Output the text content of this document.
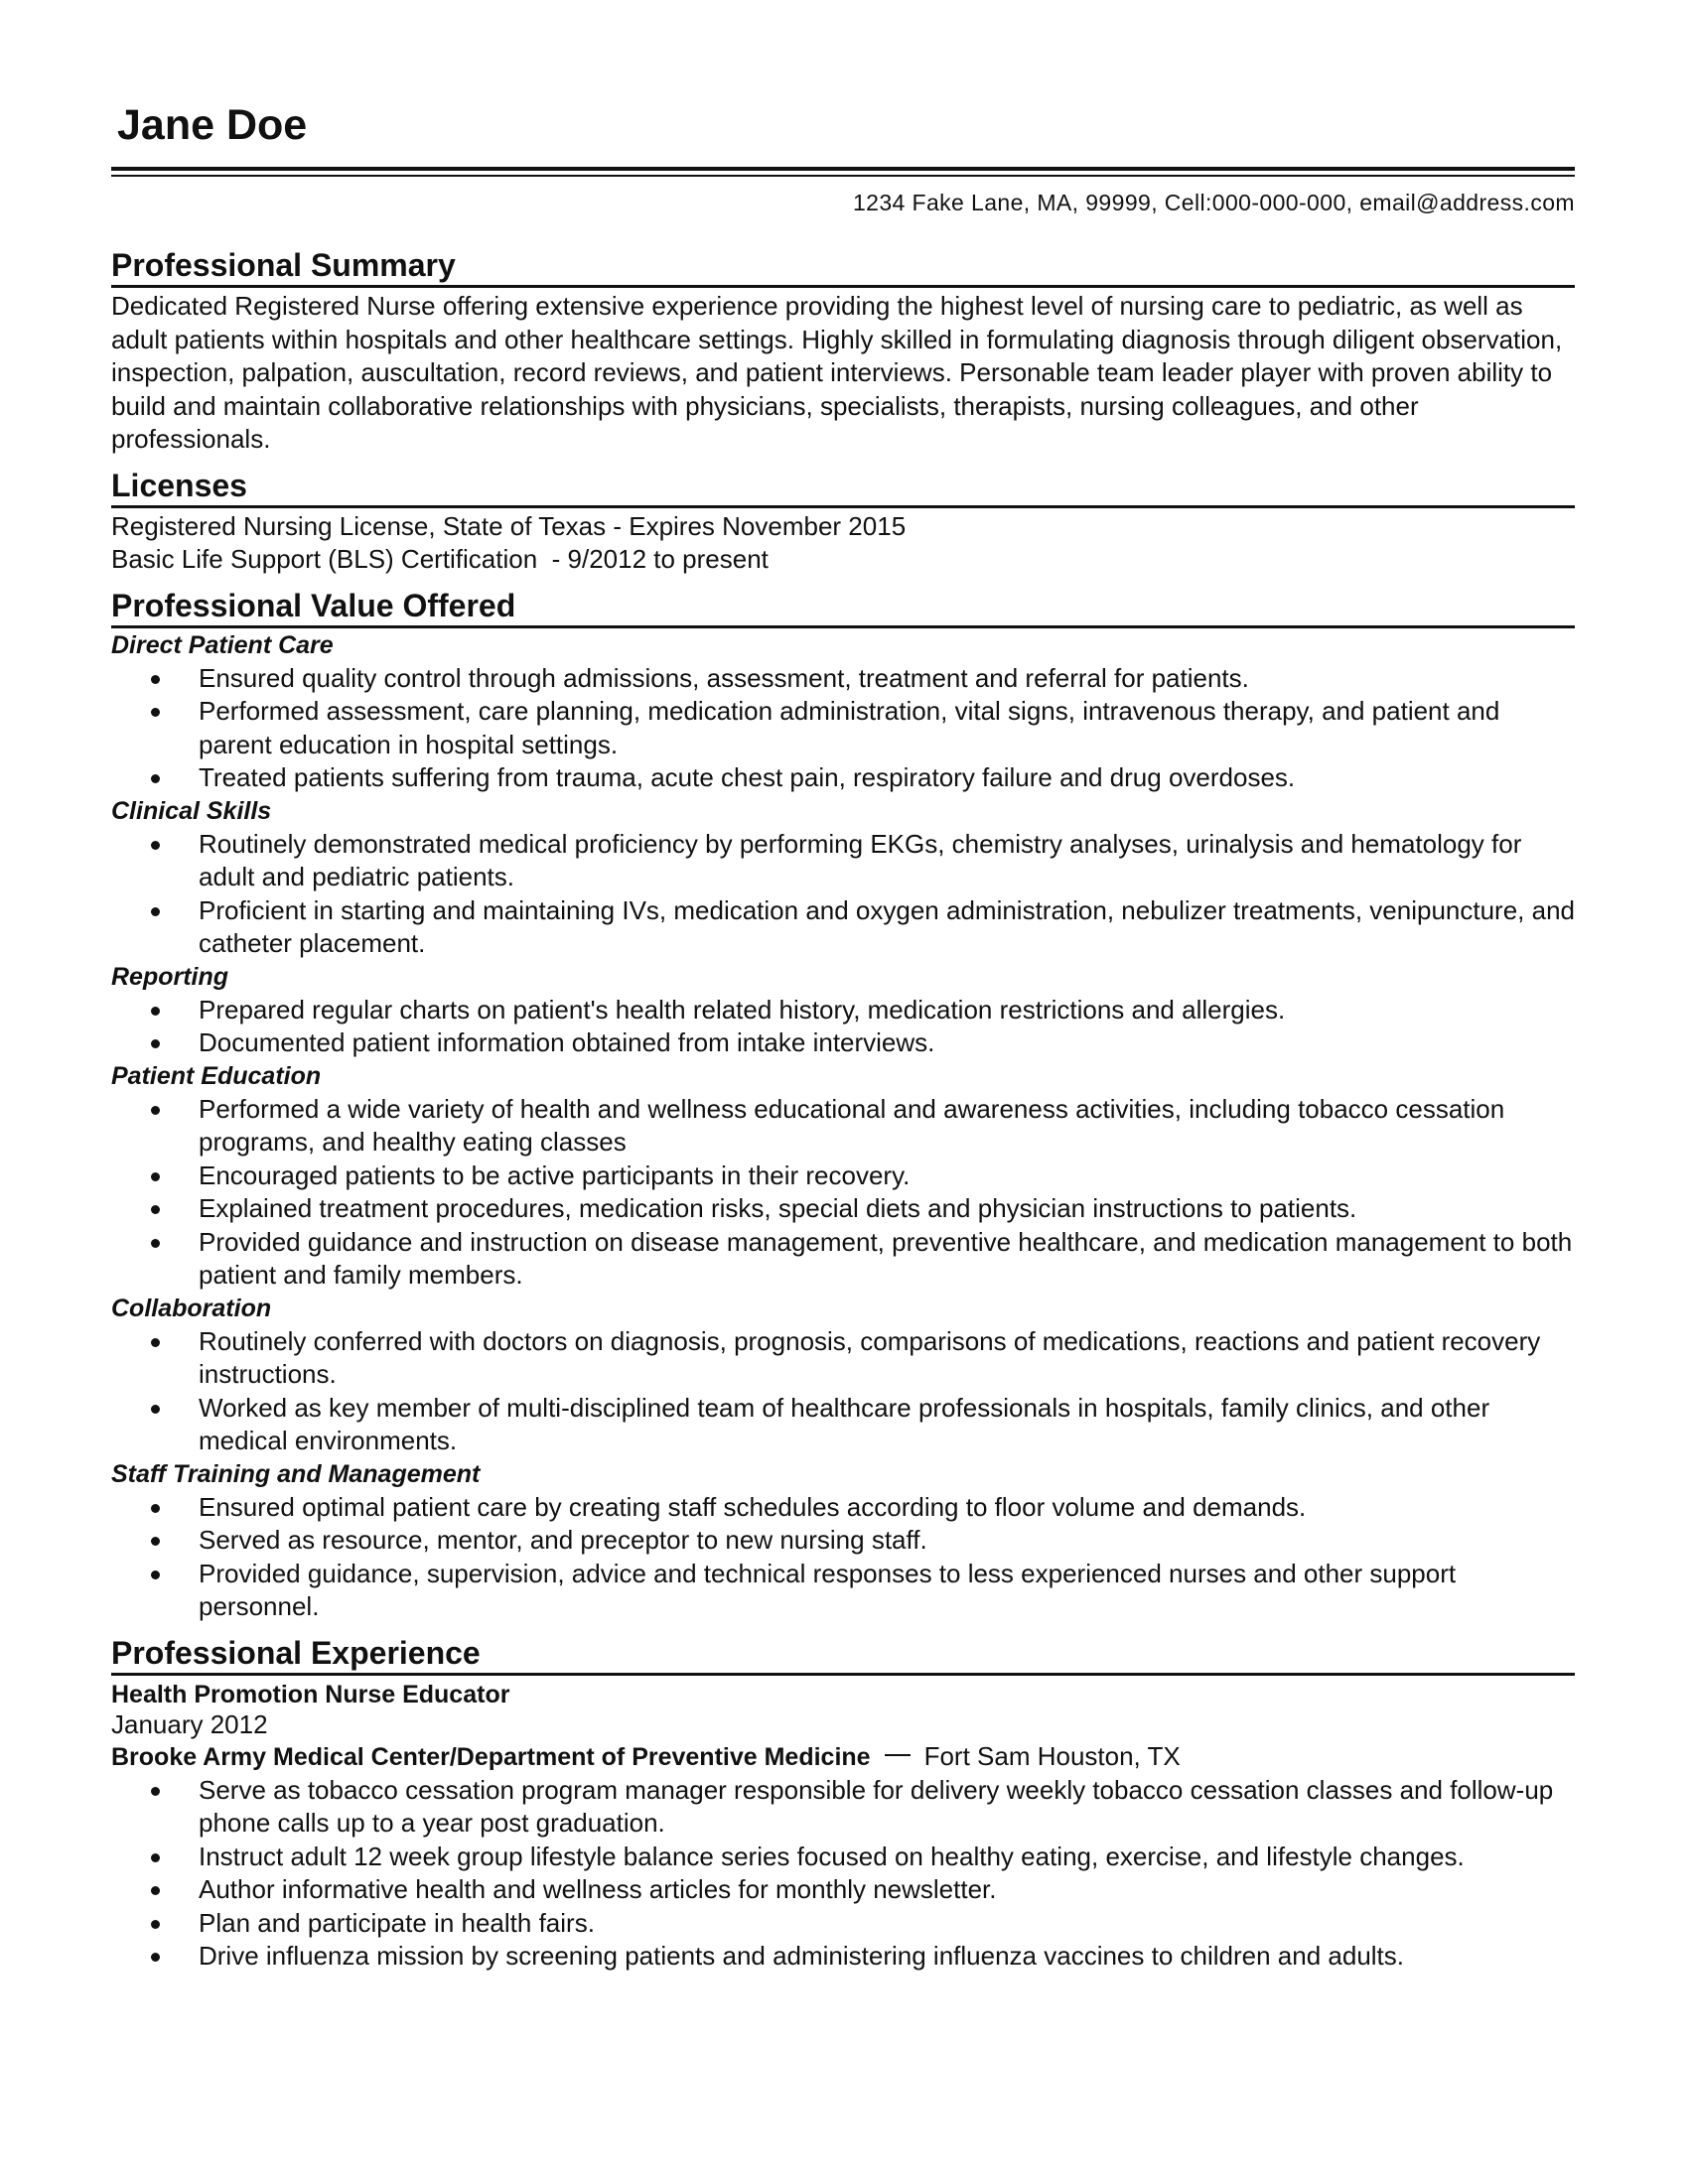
Jane Doe
1234 Fake Lane, MA, 99999, Cell:000-000-000, email@address.com
Professional Summary
Dedicated Registered Nurse offering extensive experience providing the highest level of nursing care to pediatric, as well as adult patients within hospitals and other healthcare settings. Highly skilled in formulating diagnosis through diligent observation, inspection, palpation, auscultation, record reviews, and patient interviews. Personable team leader player with proven ability to build and maintain collaborative relationships with physicians, specialists, therapists, nursing colleagues, and other professionals.
Licenses
Registered Nursing License, State of Texas - Expires November 2015
Basic Life Support (BLS) Certification  - 9/2012 to present
Professional Value Offered
Direct Patient Care
Ensured quality control through admissions, assessment, treatment and referral for patients.
Performed assessment, care planning, medication administration, vital signs, intravenous therapy, and patient and parent education in hospital settings.
Treated patients suffering from trauma, acute chest pain, respiratory failure and drug overdoses.
Clinical Skills
Routinely demonstrated medical proficiency by performing EKGs, chemistry analyses, urinalysis and hematology for adult and pediatric patients.
Proficient in starting and maintaining IVs, medication and oxygen administration, nebulizer treatments, venipuncture, and catheter placement.
Reporting
Prepared regular charts on patient's health related history, medication restrictions and allergies.
Documented patient information obtained from intake interviews.
Patient Education
Performed a wide variety of health and wellness educational and awareness activities, including tobacco cessation programs, and healthy eating classes
Encouraged patients to be active participants in their recovery.
Explained treatment procedures, medication risks, special diets and physician instructions to patients.
Provided guidance and instruction on disease management, preventive healthcare, and medication management to both patient and family members.
Collaboration
Routinely conferred with doctors on diagnosis, prognosis, comparisons of medications, reactions and patient recovery instructions.
Worked as key member of multi-disciplined team of healthcare professionals in hospitals, family clinics, and other medical environments.
Staff Training and Management
Ensured optimal patient care by creating staff schedules according to floor volume and demands.
Served as resource, mentor, and preceptor to new nursing staff.
Provided guidance, supervision, advice and technical responses to less experienced nurses and other support personnel.
Professional Experience
Health Promotion Nurse Educator
January 2012
Brooke Army Medical Center/Department of Preventive Medicine Fort Sam Houston, TX
Serve as tobacco cessation program manager responsible for delivery weekly tobacco cessation classes and follow-up phone calls up to a year post graduation.
Instruct adult 12 week group lifestyle balance series focused on healthy eating, exercise, and lifestyle changes.
Author informative health and wellness articles for monthly newsletter.
Plan and participate in health fairs.
Drive influenza mission by screening patients and administering influenza vaccines to children and adults.
